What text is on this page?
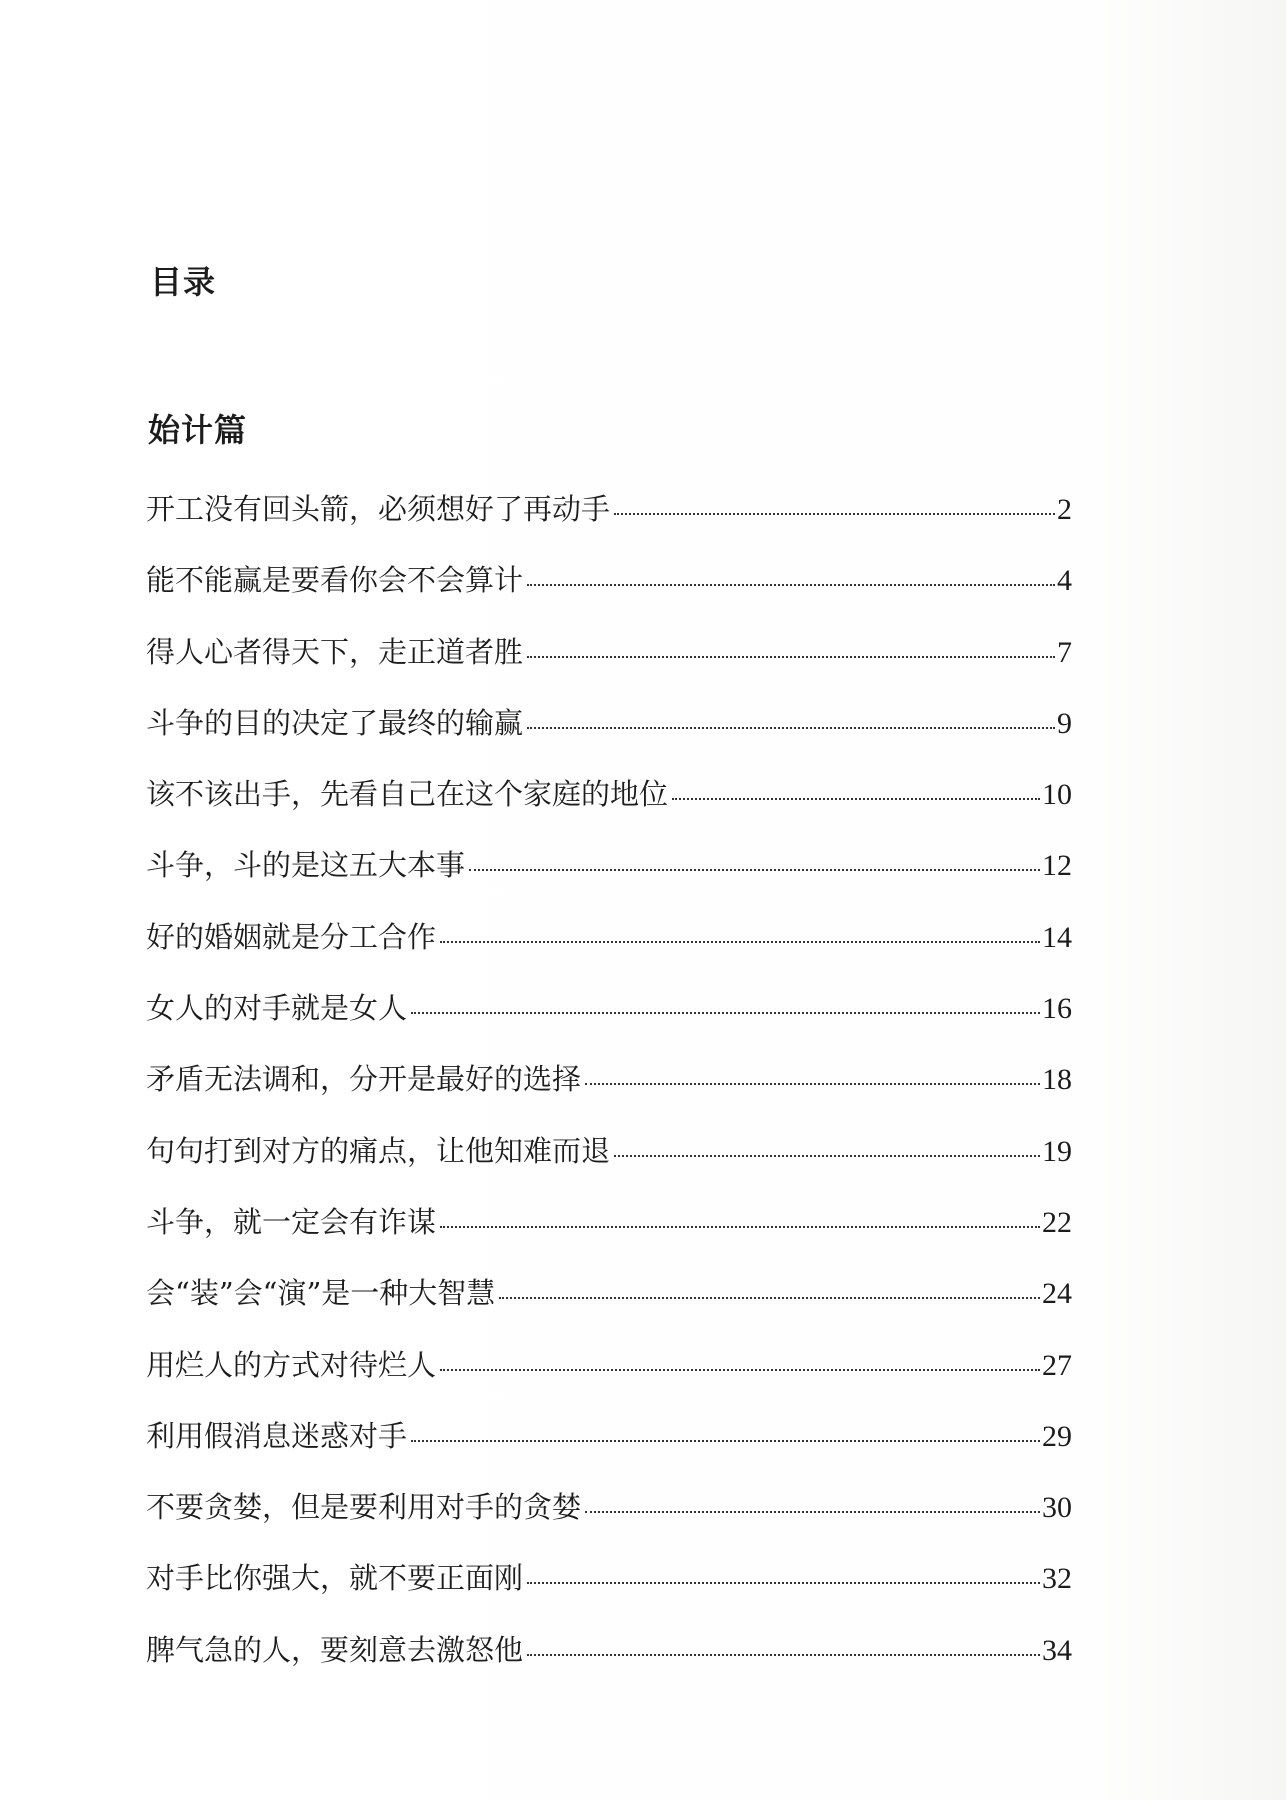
目录
始计篇
开工没有回头箭，必须想好了再动手	2
能不能赢是要看你会不会算计	4
得人心者得天下，走正道者胜	7
斗争的目的决定了最终的输赢	9
该不该出手，先看自己在这个家庭的地位	10
斗争，斗的是这五大本事	12
好的婚姻就是分工合作	14
女人的对手就是女人	16
矛盾无法调和，分开是最好的选择	18
句句打到对方的痛点，让他知难而退	19
斗争，就一定会有诈谋	22
会“装”会“演”是一种大智慧	24
用烂人的方式对待烂人	27
利用假消息迷惑对手	29
不要贪婪，但是要利用对手的贪婪	30
对手比你强大，就不要正面刚	32
脾气急的人，要刻意去激怒他	34
